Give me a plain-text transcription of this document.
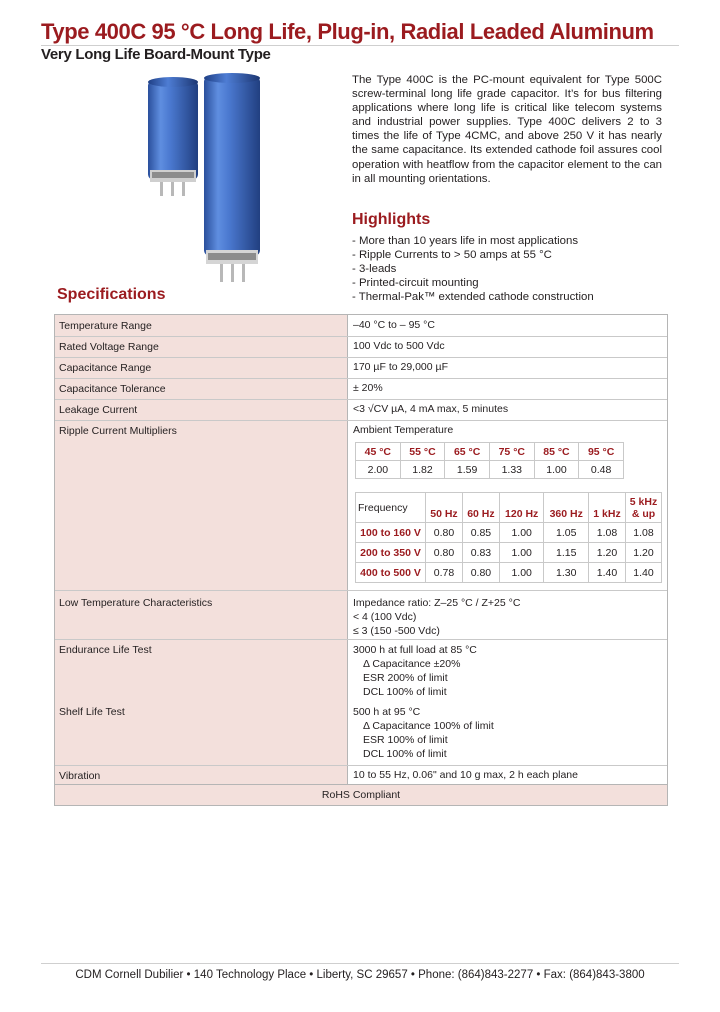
Type 400C 95 °C Long Life, Plug-in, Radial Leaded Aluminum
Very Long Life Board-Mount Type

The Type 400C is the PC-mount equivalent for Type 500C screw-terminal long life grade capacitor. It’s for bus filtering applications where long life is critical like telecom systems and industrial power supplies. Type 400C delivers 2 to 3 times the life of Type 4CMC, and above 250 V it has nearly the same capacitance. Its extended cathode foil assures cool operation with heatflow from the capacitor element to the can in all mounting orientations.

Highlights
- More than 10 years life in most applications
- Ripple Currents to > 50 amps at 55 °C
- 3-leads
- Printed-circuit mounting
- Thermal-Pak™ extended cathode construction
Specifications
Temperature Range	–40 °C to – 95 °C
Rated Voltage Range	100 Vdc to 500 Vdc
Capacitance Range	170 µF to 29,000 µF
Capacitance Tolerance	± 20%
Leakage Current	<3 √CV µA, 4 mA max, 5 minutes
Ripple Current Multipliers	Ambient Temperature
45 °C	55 °C	65 °C	75 °C	85 °C	95 °C
2.00	1.82	1.59	1.33	1.00	0.48
Frequency	50 Hz	60 Hz	120 Hz	360 Hz	1 kHz	5 kHz & up
100 to 160 V	0.80	0.85	1.00	1.05	1.08	1.08
200 to 350 V	0.80	0.83	1.00	1.15	1.20	1.20
400 to 500 V	0.78	0.80	1.00	1.30	1.40	1.40
Low Temperature Characteristics	Impedance ratio: Z–25 °C / Z+25 °C
< 4 (100 Vdc)
≤ 3 (150 -500 Vdc)
Endurance Life Test	3000 h at full load at 85 °C
Δ Capacitance ±20%
ESR 200% of limit
DCL 100% of limit
Shelf Life Test	500 h at 95 °C
Δ Capacitance 100% of limit
ESR 100% of limit
DCL 100% of limit
Vibration	10 to 55 Hz, 0.06" and 10 g max, 2 h each plane
RoHS Compliant
CDM Cornell Dubilier • 140 Technology Place • Liberty, SC 29657 • Phone: (864)843-2277 • Fax: (864)843-3800
